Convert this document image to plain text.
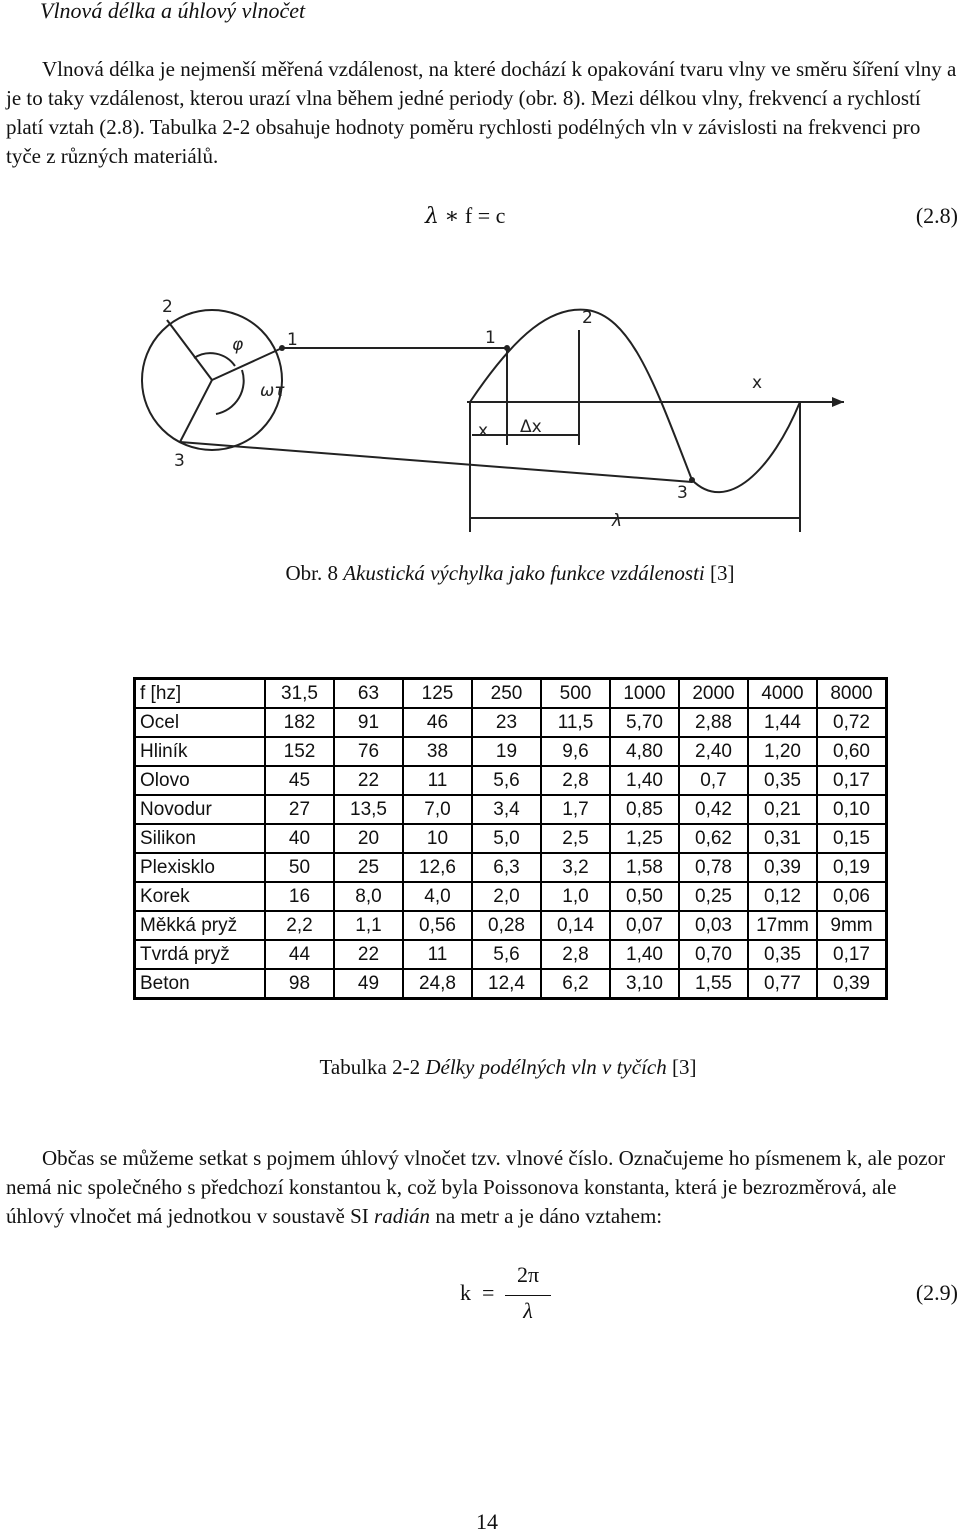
Vlnová délka a úhlový vlnočet

Vlnová délka je nejmenší měřená vzdálenost, na které dochází k opakování tvaru vlny ve směru šíření vlny a je to taky vzdálenost, kterou urazí vlna během jedné periody (obr. 8). Mezi délkou vlny, frekvencí a rychlostí platí vztah (2.8). Tabulka 2-2 obsahuje hodnoty poměru rychlosti podélných vln v závislosti na frekvenci pro tyče z různých materiálů.

λ ∗ f = c	(2.8)
2
1
3
φ
ωτ
1
2
3
x
x Δx
λ
Obr. 8 Akustická výchylka jako funkce vzdálenosti [3]
f [hz]	31,5	63	125	250	500	1000	2000	4000	8000
Ocel	182	91	46	23	11,5	5,70	2,88	1,44	0,72
Hliník	152	76	38	19	9,6	4,80	2,40	1,20	0,60
Olovo	45	22	11	5,6	2,8	1,40	0,7	0,35	0,17
Novodur	27	13,5	7,0	3,4	1,7	0,85	0,42	0,21	0,10
Silikon	40	20	10	5,0	2,5	1,25	0,62	0,31	0,15
Plexisklo	50	25	12,6	6,3	3,2	1,58	0,78	0,39	0,19
Korek	16	8,0	4,0	2,0	1,0	0,50	0,25	0,12	0,06
Měkká pryž	2,2	1,1	0,56	0,28	0,14	0,07	0,03	17mm	9mm
Tvrdá pryž	44	22	11	5,6	2,8	1,40	0,70	0,35	0,17
Beton	98	49	24,8	12,4	6,2	3,10	1,55	0,77	0,39
Tabulka 2-2 Délky podélných vln v tyčích [3]

Občas se můžeme setkat s pojmem úhlový vlnočet tzv. vlnové číslo. Označujeme ho písmenem k, ale pozor nemá nic společného s předchozí konstantou k, což byla Poissonova konstanta, která je bezrozměrová, ale úhlový vlnočet má jednotkou v soustavě SI radián na metr a je dáno vztahem:

k =
2π
λ
(2.9)
14
